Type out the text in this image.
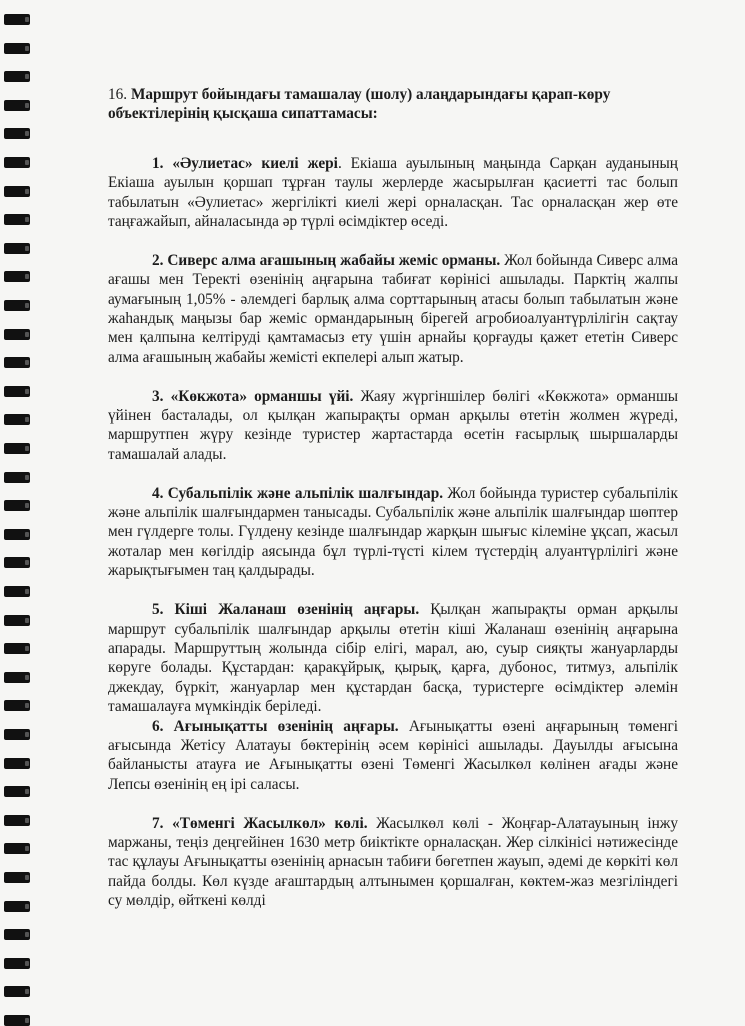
16. Маршрут бойындағы тамашалау (шолу) алаңдарындағы қарап-көру объектілерінің қысқаша сипаттамасы:

1. «Әулиетас» киелі жері. Екіаша ауылының маңында Сарқан ауданының Екіаша ауылын қоршап тұрған таулы жерлерде жасырылған қасиетті тас болып табылатын «Әулиетас» жергілікті киелі жері орналасқан. Тас орналасқан жер өте таңғажайып, айналасында әр түрлі өсімдіктер өседі.

2. Сиверс алма ағашының жабайы жеміс орманы. Жол бойында Сиверс алма ағашы мен Теректі өзенінің аңғарына табиғат көрінісі ашылады. Парктің жалпы аумағының 1,05% - әлемдегі барлық алма сорттарының атасы болып табылатын және жаһандық маңызы бар жеміс ормандарының бірегей агробиоалуантүрлілігін сақтау мен қалпына келтіруді қамтамасыз ету үшін арнайы қорғауды қажет ететін Сиверс алма ағашының жабайы жемісті екпелері алып жатыр.

3. «Көкжота» орманшы үйі. Жаяу жүргіншілер бөлігі «Көкжота» орманшы үйінен басталады, ол қылқан жапырақты орман арқылы өтетін жолмен жүреді, маршрутпен жүру кезінде туристер жартастарда өсетін ғасырлық шыршаларды тамашалай алады.

4. Субальпілік және альпілік шалғындар. Жол бойында туристер субальпілік және альпілік шалғындармен танысады. Субальпілік және альпілік шалғындар шөптер мен гүлдерге толы. Гүлдену кезінде шалғындар жарқын шығыс кілеміне ұқсап, жасыл жоталар мен көгілдір аясында бұл түрлі-түсті кілем түстердің алуантүрлілігі және жарықтығымен таң қалдырады.

5. Кіші Жаланаш өзенінің аңғары. Қылқан жапырақты орман арқылы маршрут субальпілік шалғындар арқылы өтетін кіші Жаланаш өзенінің аңғарына апарады. Маршруттың жолында сібір елігі, марал, аю, суыр сияқты жануарларды көруге болады. Құстардан: қаракұйрық, қырық, қарға, дубонос, титмуз, альпілік джекдау, бүркіт, жануарлар мен құстардан басқа, туристерге өсімдіктер әлемін тамашалауға мүмкіндік беріледі.

6. Ағынықатты өзенінің аңғары. Ағынықатты өзені аңғарының төменгі ағысында Жетісу Алатауы бөктерінің әсем көрінісі ашылады. Дауылды ағысына байланысты атауға ие Ағынықатты өзені Төменгі Жасылкөл көлінен ағады және Лепсы өзенінің ең ірі саласы.

7. «Төменгі Жасылкөл» көлі. Жасылкөл көлі - Жоңғар-Алатауының інжу маржаны, теңіз деңгейінен 1630 метр биіктікте орналасқан. Жер сілкінісі нәтижесінде тас құлауы Ағынықатты өзенінің арнасын табиғи бөгетпен жауып, әдемі де көркіті көл пайда болды. Көл күзде ағаштардың алтынымен қоршалған, көктем-жаз мезгіліндегі су мөлдір, өйткені көлді
